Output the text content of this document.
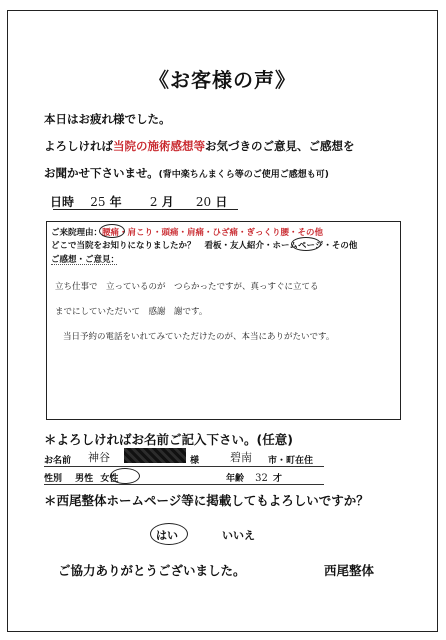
《お客様の声》
本日はお疲れ様でした。
よろしければ当院の施術感想等お気づきのご意見、ご感想を
お聞かせ下さいませ。(背中楽ちんまくら等のご使用ご感想も可)
日時 25 年 2 月 20 日
ご来院理由：腰痛・肩こり・頭痛・肩痛・ひざ痛・ぎっくり腰・その他
どこで当院をお知りになりましたか？ 看板・友人紹介・ホームページ・その他
ご感想・ご意見：
立ち仕事で　立っているのが　つらかったですが、真っすぐに立てる
までにしていただいて　感謝　謝です。
当日予約の電話をいれてみていただけたのが、本当にありがたいです。
＊よろしければお名前ご記入下さい。(任意)
お名前 神谷	様	碧南 市・町在住
性別 男性 女性	年齢 32 才
＊西尾整体ホームページ等に掲載してもよろしいですか？
はい	いいえ
ご協力ありがとうございました。	西尾整体
